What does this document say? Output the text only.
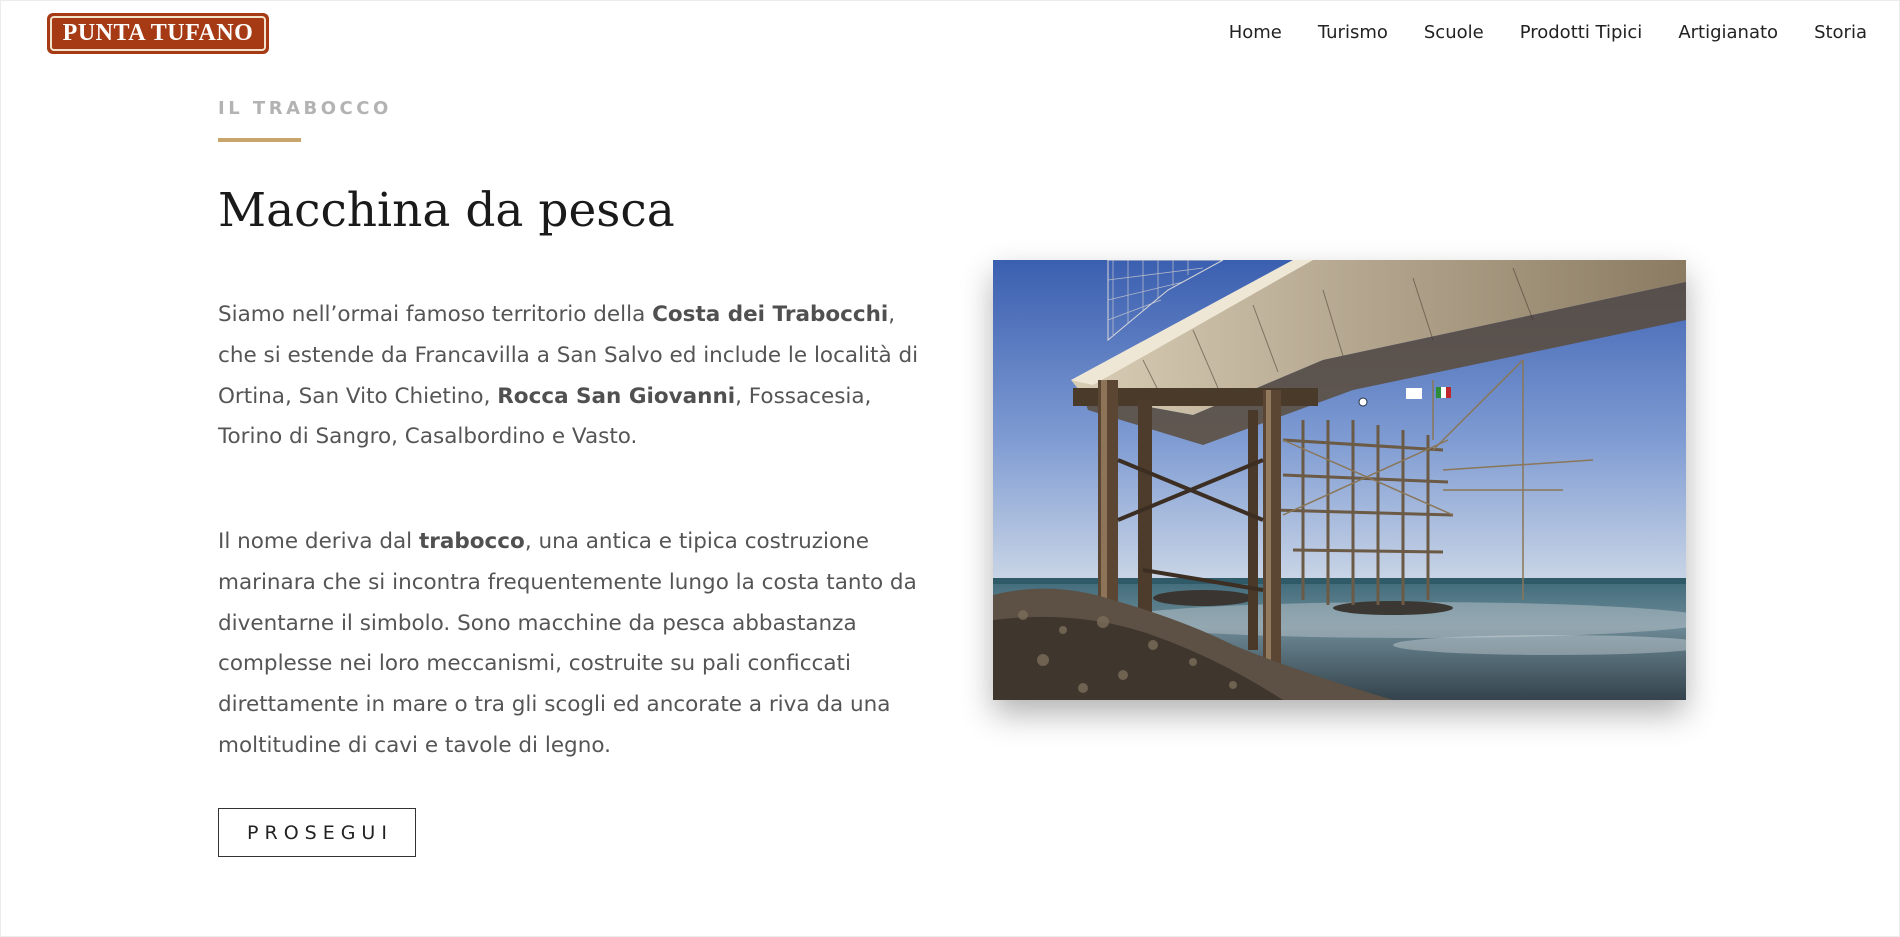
PUNTA TUFANO	Home Turismo Scuole Prodotti Tipici Artigianato Storia
IL TRABOCCO
Macchina da pesca

Siamo nell’ormai famoso territorio della Costa dei Trabocchi, che si estende da Francavilla a San Salvo ed include le località di Ortina, San Vito Chietino, Rocca San Giovanni, Fossacesia, Torino di Sangro, Casalbordino e Vasto.

Il nome deriva dal trabocco, una antica e tipica costruzione marinara che si incontra frequentemente lungo la costa tanto da diventarne il simbolo. Sono macchine da pesca abbastanza complesse nei loro meccanismi, costruite su pali conficcati direttamente in mare o tra gli scogli ed ancorate a riva da una moltitudine di cavi e tavole di legno.

PROSEGUI
